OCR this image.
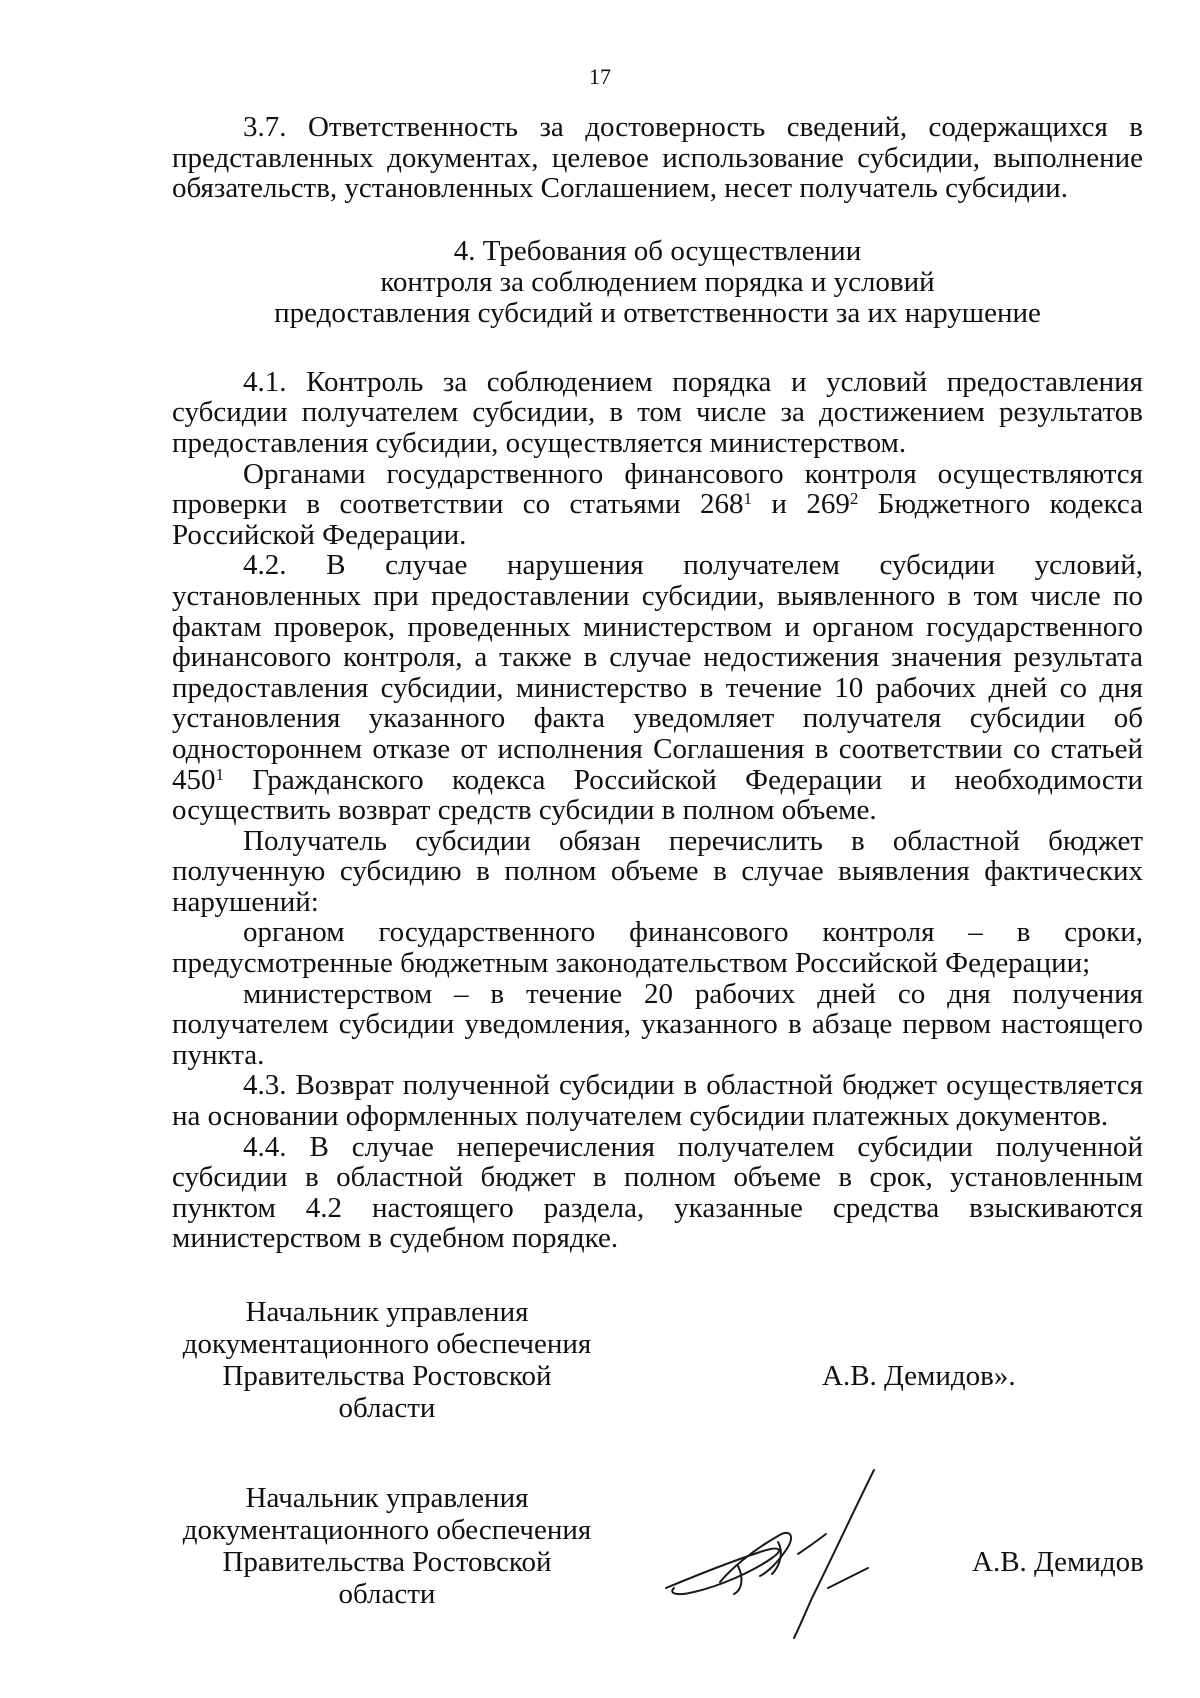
17

3.7. Ответственность за достоверность сведений, содержащихся в представленных документах, целевое использование субсидии, выполнение обязательств, установленных Соглашением, несет получатель субсидии.

4. Требования об осуществлении
контроля за соблюдением порядка и условий
предоставления субсидий и ответственности за их нарушение

4.1. Контроль за соблюдением порядка и условий предоставления субсидии получателем субсидии, в том числе за достижением результатов предоставления субсидии, осуществляется министерством.

Органами государственного финансового контроля осуществляются проверки в соответствии со статьями $268^1$ и $269^2$ Бюджетного кодекса Российской Федерации.

4.2. В случае нарушения получателем субсидии условий, установленных при предоставлении субсидии, выявленного в том числе по фактам проверок, проведенных министерством и органом государственного финансового контроля, а также в случае недостижения значения результата предоставления субсидии, министерство в течение 10 рабочих дней со дня установления указанного факта уведомляет получателя субсидии об одностороннем отказе от исполнения Соглашения в соответствии со статьей $450^1$ Гражданского кодекса Российской Федерации и необходимости осуществить возврат средств субсидии в полном объеме.

Получатель субсидии обязан перечислить в областной бюджет полученную субсидию в полном объеме в случае выявления фактических нарушений:

органом государственного финансового контроля – в сроки, предусмотренные бюджетным законодательством Российской Федерации;

министерством – в течение 20 рабочих дней со дня получения получателем субсидии уведомления, указанного в абзаце первом настоящего пункта.

4.3. Возврат полученной субсидии в областной бюджет осуществляется на основании оформленных получателем субсидии платежных документов.

4.4. В случае неперечисления получателем субсидии полученной субсидии в областной бюджет в полном объеме в срок, установленным пунктом 4.2 настоящего раздела, указанные средства взыскиваются министерством в судебном порядке.

Начальник управления
документационного обеспечения
Правительства Ростовской области
А.В. Демидов».
Начальник управления
документационного обеспечения
Правительства Ростовской области
А.В. Демидов
